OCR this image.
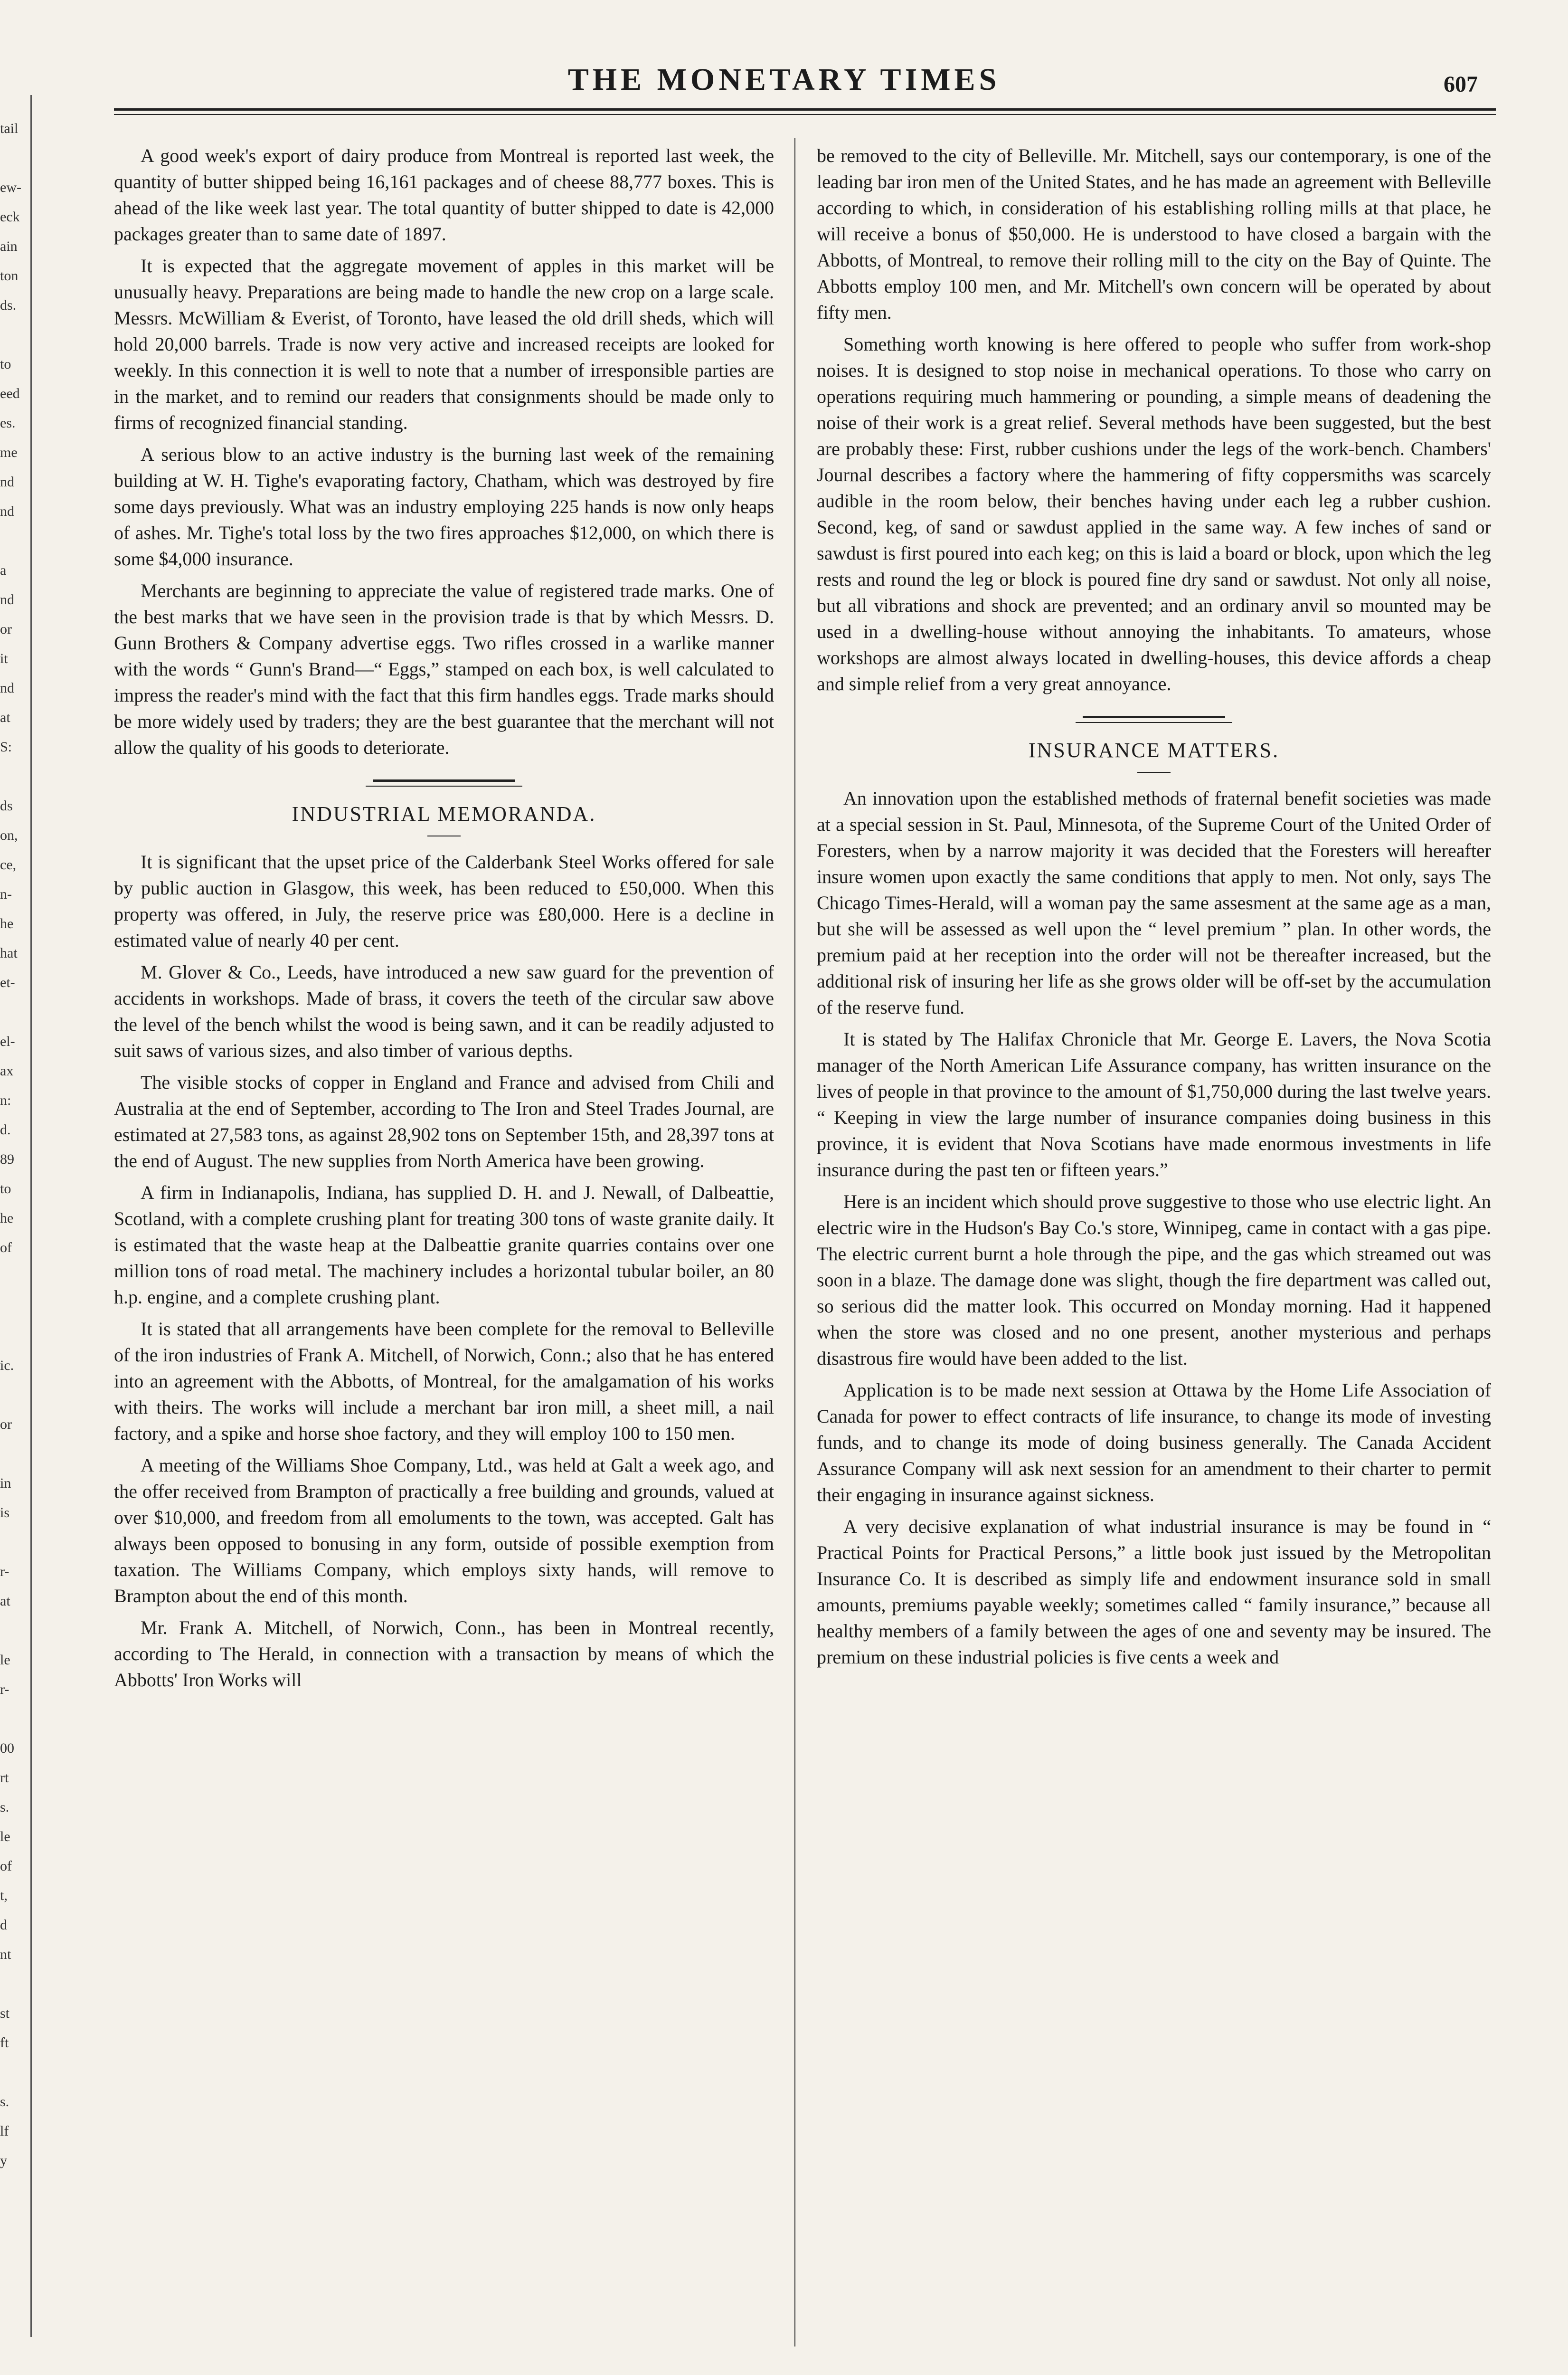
tail
ew-
eck
ain
ton
ds.
to
eed
es.
me
nd
nd
a
nd
or
it
nd
at
S:
ds
on,
ce,
n-
he
hat
et-
el-
ax
n:
d.
89
to
he
of
ic.
or
in
is
r-
at
le
r-
00
rt
s.
le
of
t,
d
nt
st
ft
s.
lf
y
THE MONETARY TIMES	607

A good week's export of dairy produce from Montreal is reported last week, the quantity of butter shipped being 16,161 packages and of cheese 88,777 boxes. This is ahead of the like week last year. The total quantity of butter shipped to date is 42,000 packages greater than to same date of 1897.

It is expected that the aggregate movement of apples in this market will be unusually heavy. Preparations are being made to handle the new crop on a large scale. Messrs. McWilliam & Everist, of Toronto, have leased the old drill sheds, which will hold 20,000 barrels. Trade is now very active and increased receipts are looked for weekly. In this connection it is well to note that a number of irresponsible parties are in the market, and to remind our readers that consignments should be made only to firms of recognized financial standing.

A serious blow to an active industry is the burning last week of the remaining building at W. H. Tighe's evaporating factory, Chatham, which was destroyed by fire some days previously. What was an industry employing 225 hands is now only heaps of ashes. Mr. Tighe's total loss by the two fires approaches $12,000, on which there is some $4,000 insurance.

Merchants are beginning to appreciate the value of registered trade marks. One of the best marks that we have seen in the provision trade is that by which Messrs. D. Gunn Brothers & Company advertise eggs. Two rifles crossed in a warlike manner with the words “ Gunn's Brand—“ Eggs,” stamped on each box, is well calculated to impress the reader's mind with the fact that this firm handles eggs. Trade marks should be more widely used by traders; they are the best guarantee that the merchant will not allow the quality of his goods to deteriorate.

INDUSTRIAL MEMORANDA.

It is significant that the upset price of the Calderbank Steel Works offered for sale by public auction in Glasgow, this week, has been reduced to £50,000. When this property was offered, in July, the reserve price was £80,000. Here is a decline in estimated value of nearly 40 per cent.

M. Glover & Co., Leeds, have introduced a new saw guard for the prevention of accidents in workshops. Made of brass, it covers the teeth of the circular saw above the level of the bench whilst the wood is being sawn, and it can be readily adjusted to suit saws of various sizes, and also timber of various depths.

The visible stocks of copper in England and France and advised from Chili and Australia at the end of September, according to The Iron and Steel Trades Journal, are estimated at 27,583 tons, as against 28,902 tons on September 15th, and 28,397 tons at the end of August. The new supplies from North America have been growing.

A firm in Indianapolis, Indiana, has supplied D. H. and J. Newall, of Dalbeattie, Scotland, with a complete crushing plant for treating 300 tons of waste granite daily. It is estimated that the waste heap at the Dalbeattie granite quarries contains over one million tons of road metal. The machinery includes a horizontal tubular boiler, an 80 h.p. engine, and a complete crushing plant.

It is stated that all arrangements have been complete for the removal to Belleville of the iron industries of Frank A. Mitchell, of Norwich, Conn.; also that he has entered into an agreement with the Abbotts, of Montreal, for the amalgamation of his works with theirs. The works will include a merchant bar iron mill, a sheet mill, a nail factory, and a spike and horse shoe factory, and they will employ 100 to 150 men.

A meeting of the Williams Shoe Company, Ltd., was held at Galt a week ago, and the offer received from Brampton of practically a free building and grounds, valued at over $10,000, and freedom from all emoluments to the town, was accepted. Galt has always been opposed to bonusing in any form, outside of possible exemption from taxation. The Williams Company, which employs sixty hands, will remove to Brampton about the end of this month.

Mr. Frank A. Mitchell, of Norwich, Conn., has been in Montreal recently, according to The Herald, in connection with a transaction by means of which the Abbotts' Iron Works will

be removed to the city of Belleville. Mr. Mitchell, says our contemporary, is one of the leading bar iron men of the United States, and he has made an agreement with Belleville according to which, in consideration of his establishing rolling mills at that place, he will receive a bonus of $50,000. He is understood to have closed a bargain with the Abbotts, of Montreal, to remove their rolling mill to the city on the Bay of Quinte. The Abbotts employ 100 men, and Mr. Mitchell's own concern will be operated by about fifty men.

Something worth knowing is here offered to people who suffer from work-shop noises. It is designed to stop noise in mechanical operations. To those who carry on operations requiring much hammering or pounding, a simple means of deadening the noise of their work is a great relief. Several methods have been suggested, but the best are probably these: First, rubber cushions under the legs of the work-bench. Chambers' Journal describes a factory where the hammering of fifty coppersmiths was scarcely audible in the room below, their benches having under each leg a rubber cushion. Second, keg, of sand or sawdust applied in the same way. A few inches of sand or sawdust is first poured into each keg; on this is laid a board or block, upon which the leg rests and round the leg or block is poured fine dry sand or sawdust. Not only all noise, but all vibrations and shock are prevented; and an ordinary anvil so mounted may be used in a dwelling-house without annoying the inhabitants. To amateurs, whose workshops are almost always located in dwelling-houses, this device affords a cheap and simple relief from a very great annoyance.

INSURANCE MATTERS.

An innovation upon the established methods of fraternal benefit societies was made at a special session in St. Paul, Minnesota, of the Supreme Court of the United Order of Foresters, when by a narrow majority it was decided that the Foresters will hereafter insure women upon exactly the same conditions that apply to men. Not only, says The Chicago Times-Herald, will a woman pay the same assesment at the same age as a man, but she will be assessed as well upon the “ level premium ” plan. In other words, the premium paid at her reception into the order will not be thereafter increased, but the additional risk of insuring her life as she grows older will be off-set by the accumulation of the reserve fund.

It is stated by The Halifax Chronicle that Mr. George E. Lavers, the Nova Scotia manager of the North American Life Assurance company, has written insurance on the lives of people in that province to the amount of $1,750,000 during the last twelve years. “ Keeping in view the large number of insurance companies doing business in this province, it is evident that Nova Scotians have made enormous investments in life insurance during the past ten or fifteen years.”

Here is an incident which should prove suggestive to those who use electric light. An electric wire in the Hudson's Bay Co.'s store, Winnipeg, came in contact with a gas pipe. The electric current burnt a hole through the pipe, and the gas which streamed out was soon in a blaze. The damage done was slight, though the fire department was called out, so serious did the matter look. This occurred on Monday morning. Had it happened when the store was closed and no one present, another mysterious and perhaps disastrous fire would have been added to the list.

Application is to be made next session at Ottawa by the Home Life Association of Canada for power to effect contracts of life insurance, to change its mode of investing funds, and to change its mode of doing business generally. The Canada Accident Assurance Company will ask next session for an amendment to their charter to permit their engaging in insurance against sickness.

A very decisive explanation of what industrial insurance is may be found in “ Practical Points for Practical Persons,” a little book just issued by the Metropolitan Insurance Co. It is described as simply life and endowment insurance sold in small amounts, premiums payable weekly; sometimes called “ family insurance,” because all healthy members of a family between the ages of one and seventy may be insured. The premium on these industrial policies is five cents a week and
